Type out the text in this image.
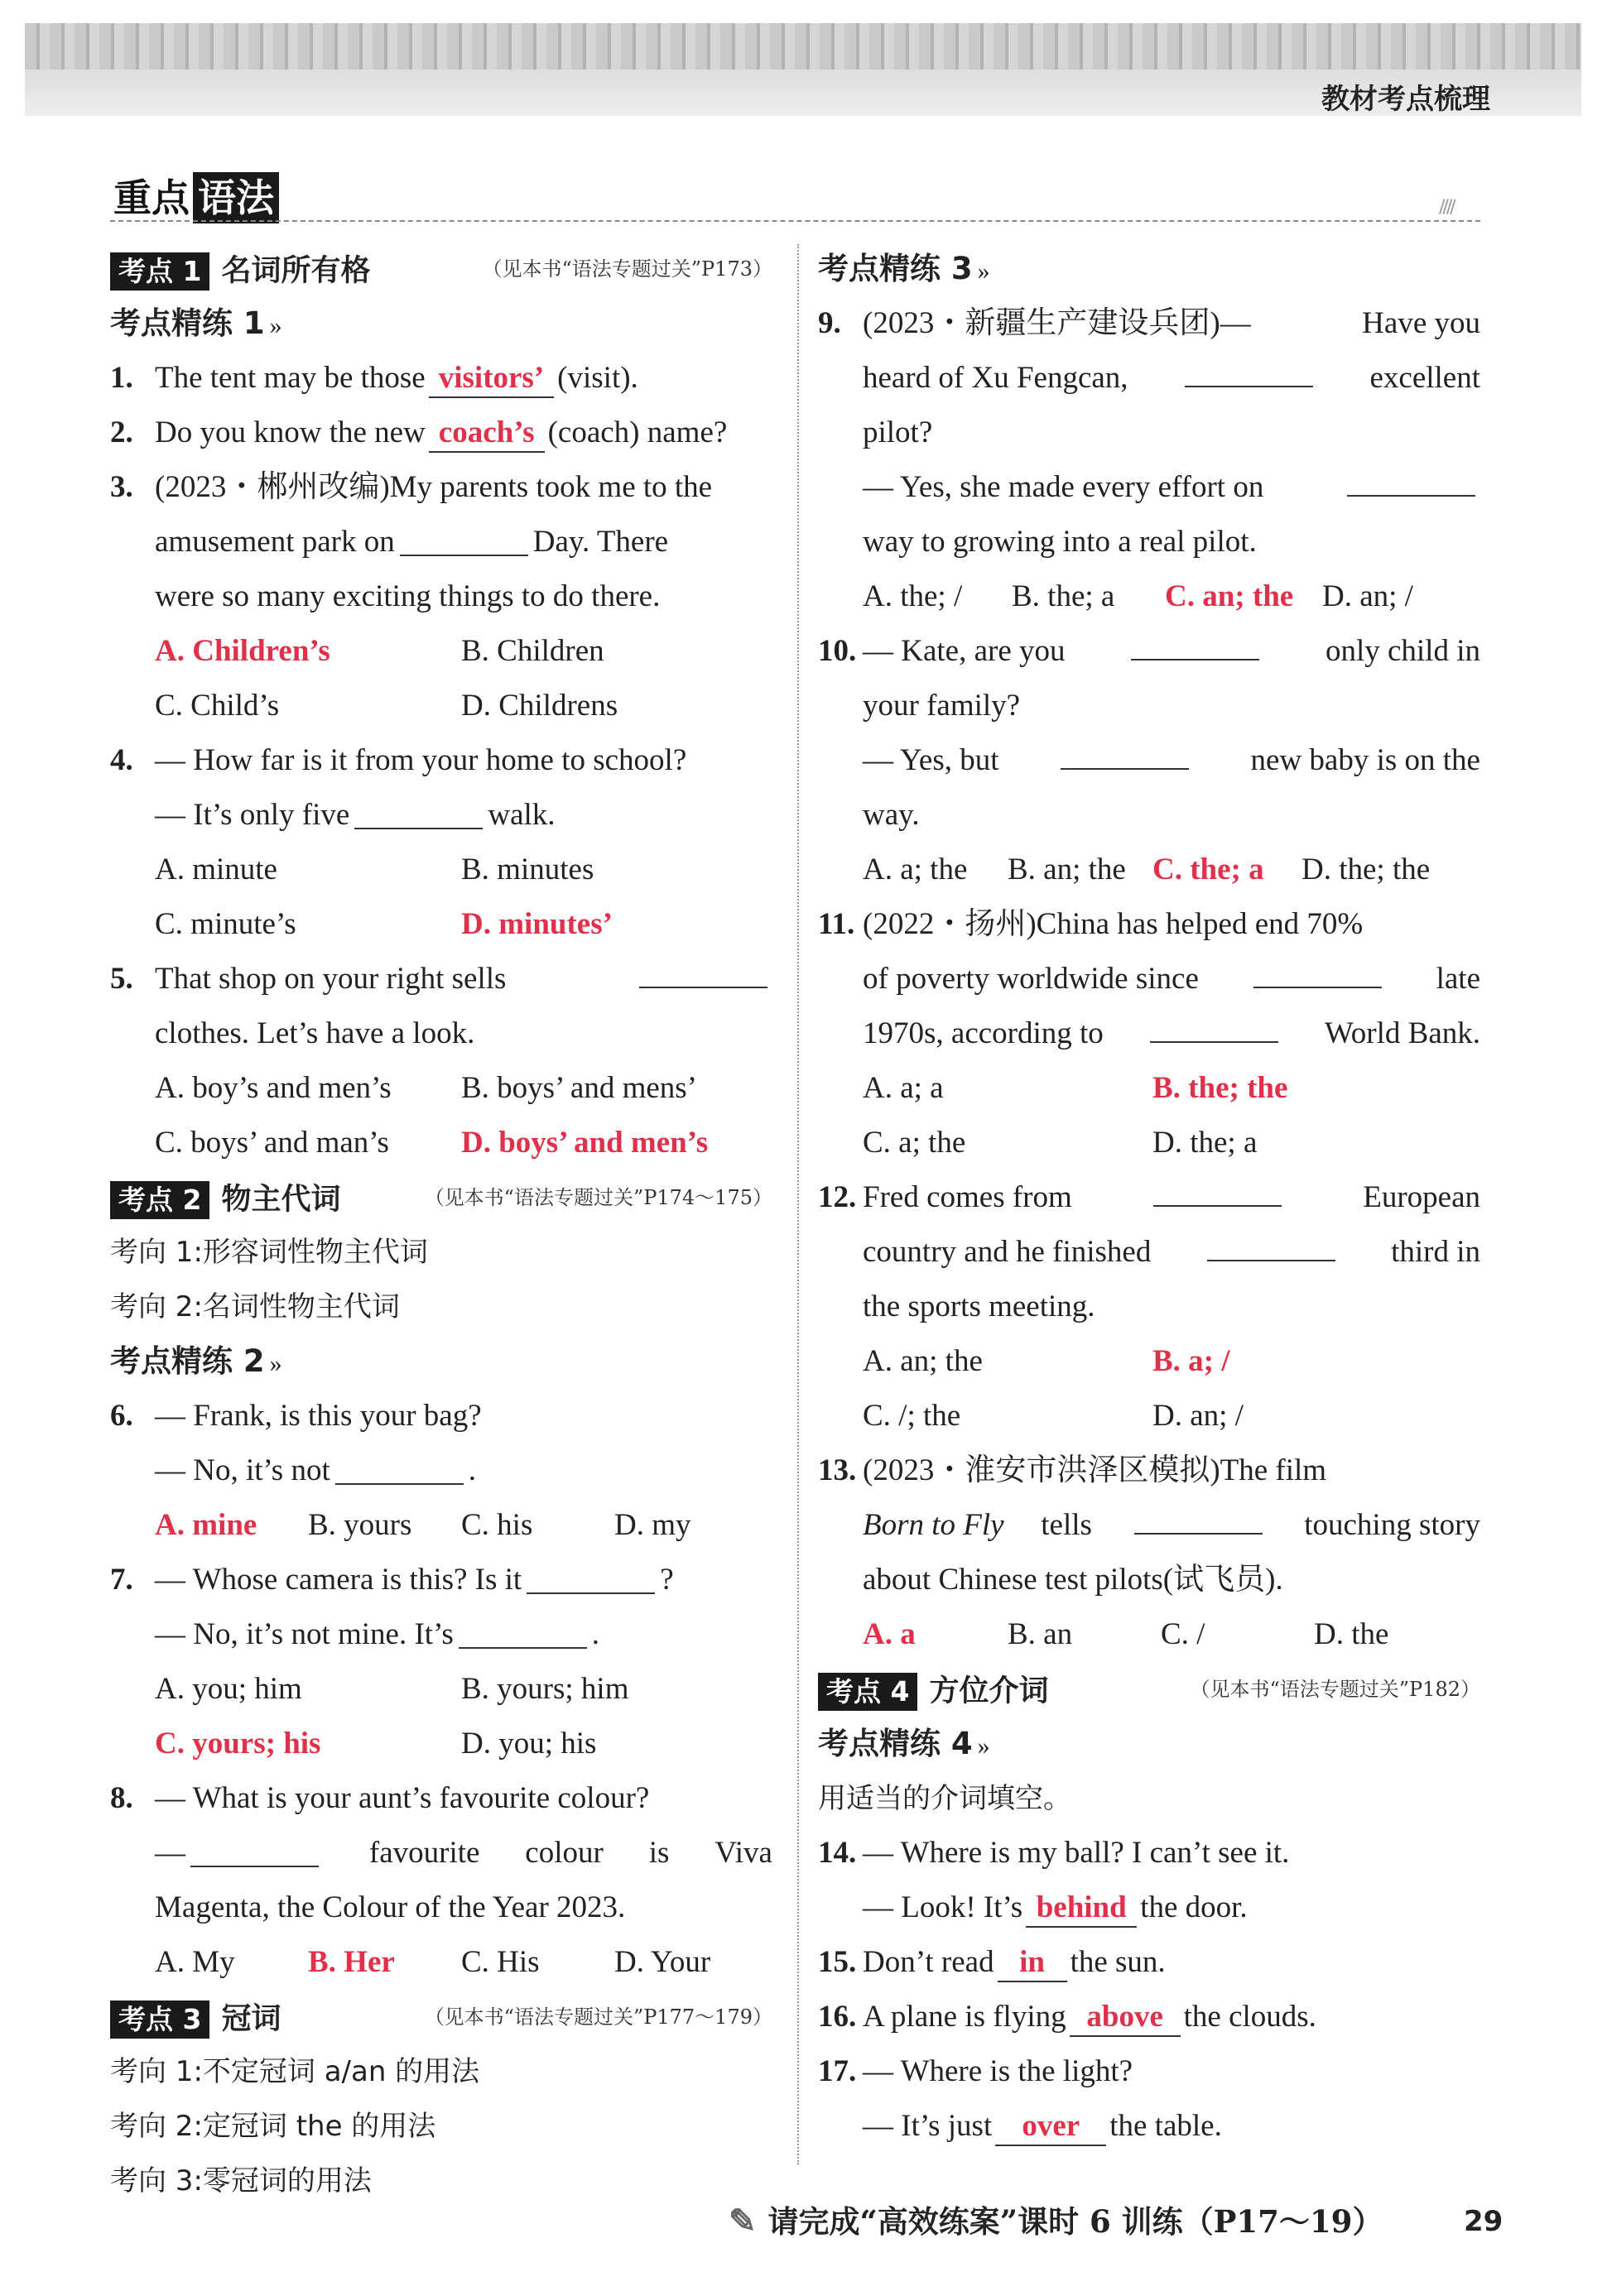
教材考点梳理
重点 语法	////
考点 1 名词所有格	（见本书“语法专题过关”P173）
考点精练 1 »
1. The tent may be those visitors’ (visit).
2. Do you know the new coach’s (coach) name?
3. (2023・郴州改编)My parents took me to the
amusement park on	Day. There
were so many exciting things to do there.
A. Children’s	B. Children
C. Child’s	D. Childrens
4. — How far is it from your home to school?
— It’s only five	walk.
A. minute	B. minutes
C. minute’s	D. minutes’
5. That shop on your right sells
clothes. Let’s have a look.
A. boy’s and men’s	B. boys’ and mens’
C. boys’ and man’s	D. boys’ and men’s
考点 2 物主代词	（见本书“语法专题过关”P174～175）
考向 1:形容词性物主代词
考向 2:名词性物主代词
考点精练 2 »
6. — Frank, is this your bag?
— No, it’s not	.
A. mine	B. yours	C. his	D. my
7. — Whose camera is this? Is it	?
— No, it’s not mine. It’s	.
A. you; him	B. yours; him
C. yours; his	D. you; his
8. — What is your aunt’s favourite colour?
—	favourite colour is Viva
Magenta, the Colour of the Year 2023.
A. My	B. Her	C. His	D. Your
考点 3 冠词	（见本书“语法专题过关”P177～179）
考向 1:不定冠词 a/an 的用法
考向 2:定冠词 the 的用法
考向 3:零冠词的用法
考点精练 3 »
9. (2023・新疆生产建设兵团)—	Have you
heard of Xu Fengcan,	excellent
pilot?
— Yes, she made every effort on
way to growing into a real pilot.
A. the; /	B. the; a	C. an; the D. an; /
10. — Kate, are you	only child in
your family?
— Yes, but	new baby is on the
way.
A. a; the	B. an; the C. the; a	D. the; the
11. (2022・扬州)China has helped end 70%
of poverty worldwide since	late
1970s, according to	World Bank.
A. a; a	B. the; the
C. a; the	D. the; a
12. Fred comes from	European
country and he finished	third in
the sports meeting.
A. an; the	B. a; /
C. /; the	D. an; /
13. (2023・淮安市洪泽区模拟)The film
Born to Fly tells	touching story
about Chinese test pilots(试飞员).
A. a	B. an	C. /	D. the
考点 4 方位介词	（见本书“语法专题过关”P182）
考点精练 4 »
用适当的介词填空。
14. — Where is my ball? I can’t see it.
— Look! It’s behind the door.
15. Don’t read in the sun.
16. A plane is flying above the clouds.
17. — Where is the light?
— It’s just over the table.
✎ 请完成“高效练案”课时 6 训练（P17～19）	29
